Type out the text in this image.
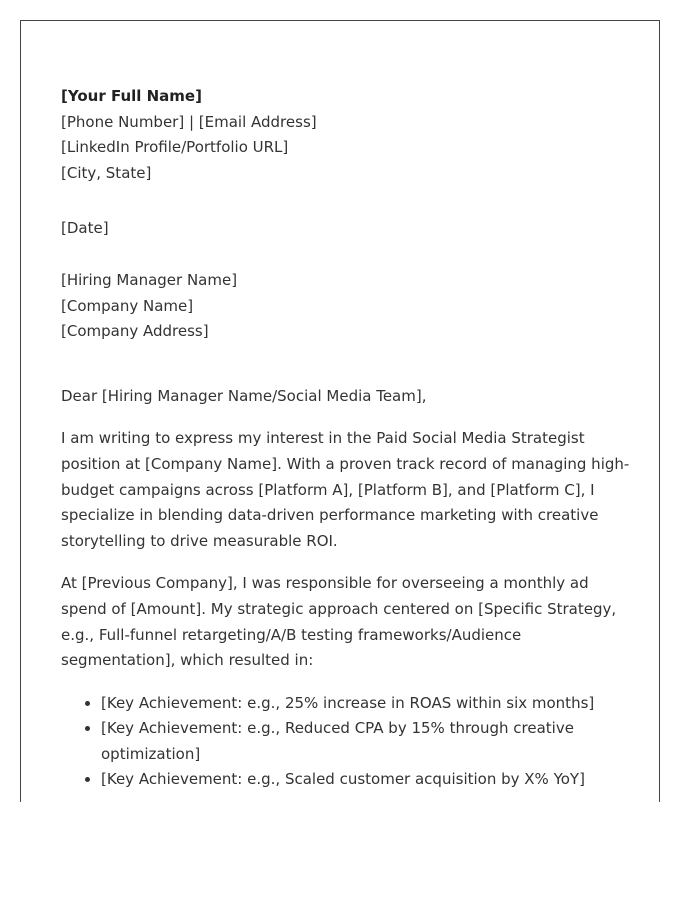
[Your Full Name]
[Phone Number] | [Email Address]
[LinkedIn Profile/Portfolio URL]
[City, State]
[Date]
[Hiring Manager Name]
[Company Name]
[Company Address]
Dear [Hiring Manager Name/Social Media Team],

I am writing to express my interest in the Paid Social Media Strategist position at [Company Name]. With a proven track record of managing high-budget campaigns across [Platform A], [Platform B], and [Platform C], I specialize in blending data-driven performance marketing with creative storytelling to drive measurable ROI.

At [Previous Company], I was responsible for overseeing a monthly ad spend of [Amount]. My strategic approach centered on [Specific Strategy, e.g., Full-funnel retargeting/A/B testing frameworks/Audience segmentation], which resulted in:

• [Key Achievement: e.g., 25% increase in ROAS within six months]
• [Key Achievement: e.g., Reduced CPA by 15% through creative optimization]
• [Key Achievement: e.g., Scaled customer acquisition by X% YoY]
